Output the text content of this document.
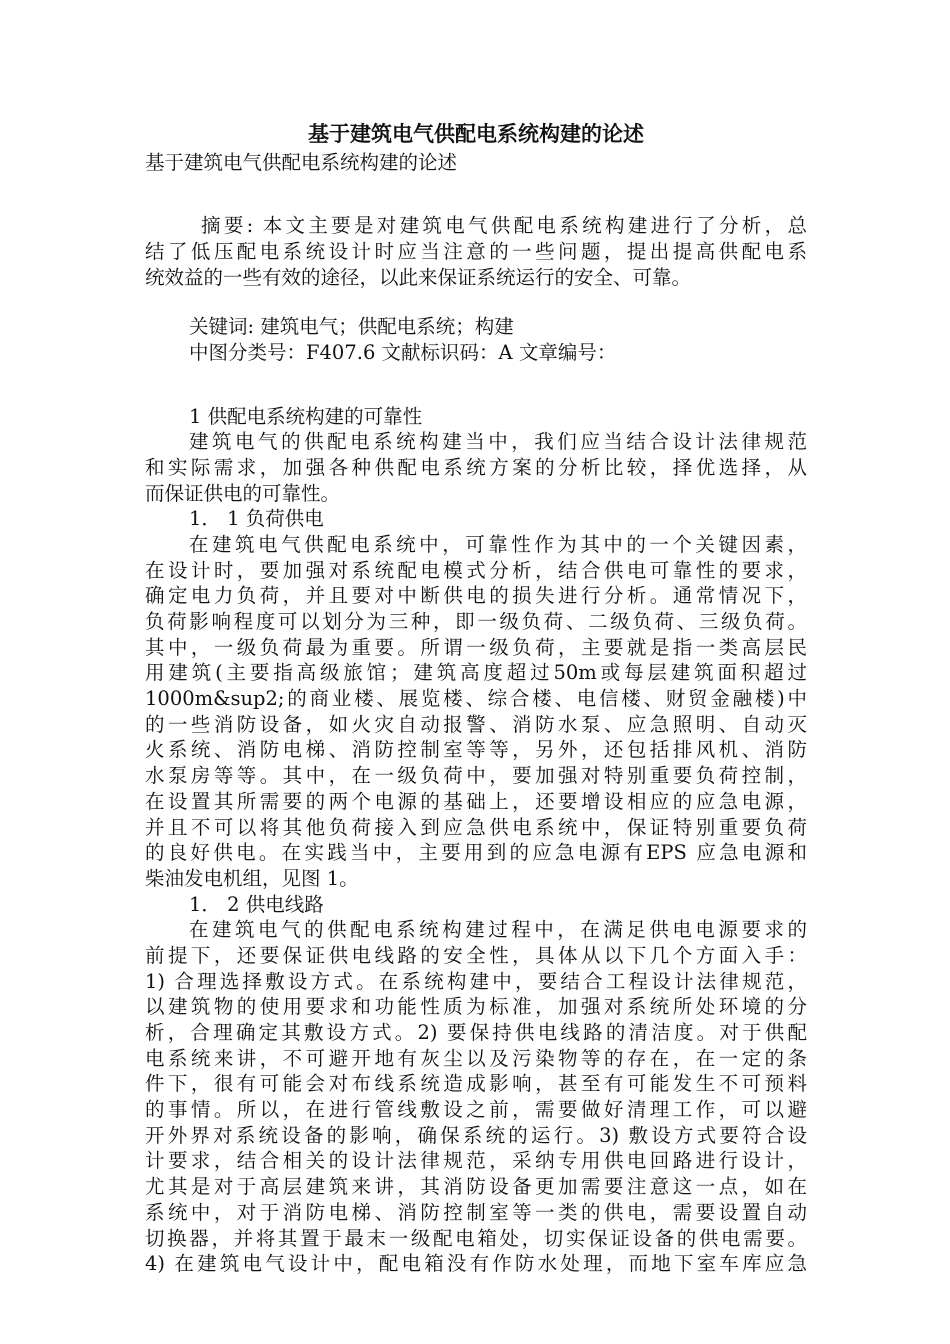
基于建筑电气供配电系统构建的论述

基于建筑电气供配电系统构建的论述

摘要: 本文主要是对建筑电气供配电系统构建进行了分析，总

结了低压配电系统设计时应当注意的一些问题，提出提高供配电系

统效益的一些有效的途径，以此来保证系统运行的安全、可靠。

关键词: 建筑电气；供配电系统；构建

中图分类号：F407.6 文献标识码：A 文章编号：

1 供配电系统构建的可靠性

建筑电气的供配电系统构建当中，我们应当结合设计法律规范

和实际需求，加强各种供配电系统方案的分析比较，择优选择，从

而保证供电的可靠性。

1． 1 负荷供电

在建筑电气供配电系统中，可靠性作为其中的一个关键因素，

在设计时，要加强对系统配电模式分析，结合供电可靠性的要求，

确定电力负荷，并且要对中断供电的损失进行分析。通常情况下，

负荷影响程度可以划分为三种，即一级负荷、二级负荷、三级负荷。

其中，一级负荷最为重要。所谓一级负荷，主要就是指一类高层民

用建筑(主要指高级旅馆；建筑高度超过50m或每层建筑面积超过

1000m&sup2;的商业楼、展览楼、综合楼、电信楼、财贸金融楼)中

的一些消防设备，如火灾自动报警、消防水泵、应急照明、自动灭

火系统、消防电梯、消防控制室等等，另外，还包括排风机、消防

水泵房等等。其中，在一级负荷中，要加强对特别重要负荷控制，

在设置其所需要的两个电源的基础上，还要增设相应的应急电源，

并且不可以将其他负荷接入到应急供电系统中，保证特别重要负荷

的良好供电。在实践当中，主要用到的应急电源有EPS 应急电源和

柴油发电机组，见图 1。

1． 2 供电线路

在建筑电气的供配电系统构建过程中，在满足供电电源要求的

前提下，还要保证供电线路的安全性，具体从以下几个方面入手：

1) 合理选择敷设方式。在系统构建中，要结合工程设计法律规范，

以建筑物的使用要求和功能性质为标准，加强对系统所处环境的分

析，合理确定其敷设方式。2) 要保持供电线路的清洁度。对于供配

电系统来讲，不可避开地有灰尘以及污染物等的存在，在一定的条

件下，很有可能会对布线系统造成影响，甚至有可能发生不可预料

的事情。所以，在进行管线敷设之前，需要做好清理工作，可以避

开外界对系统设备的影响，确保系统的运行。3) 敷设方式要符合设

计要求，结合相关的设计法律规范，采纳专用供电回路进行设计，

尤其是对于高层建筑来讲，其消防设备更加需要注意这一点，如在

系统中，对于消防电梯、消防控制室等一类的供电，需要设置自动

切换器，并将其置于最末一级配电箱处，切实保证设备的供电需要。

4) 在建筑电气设计中，配电箱没有作防水处理，而地下室车库应急
